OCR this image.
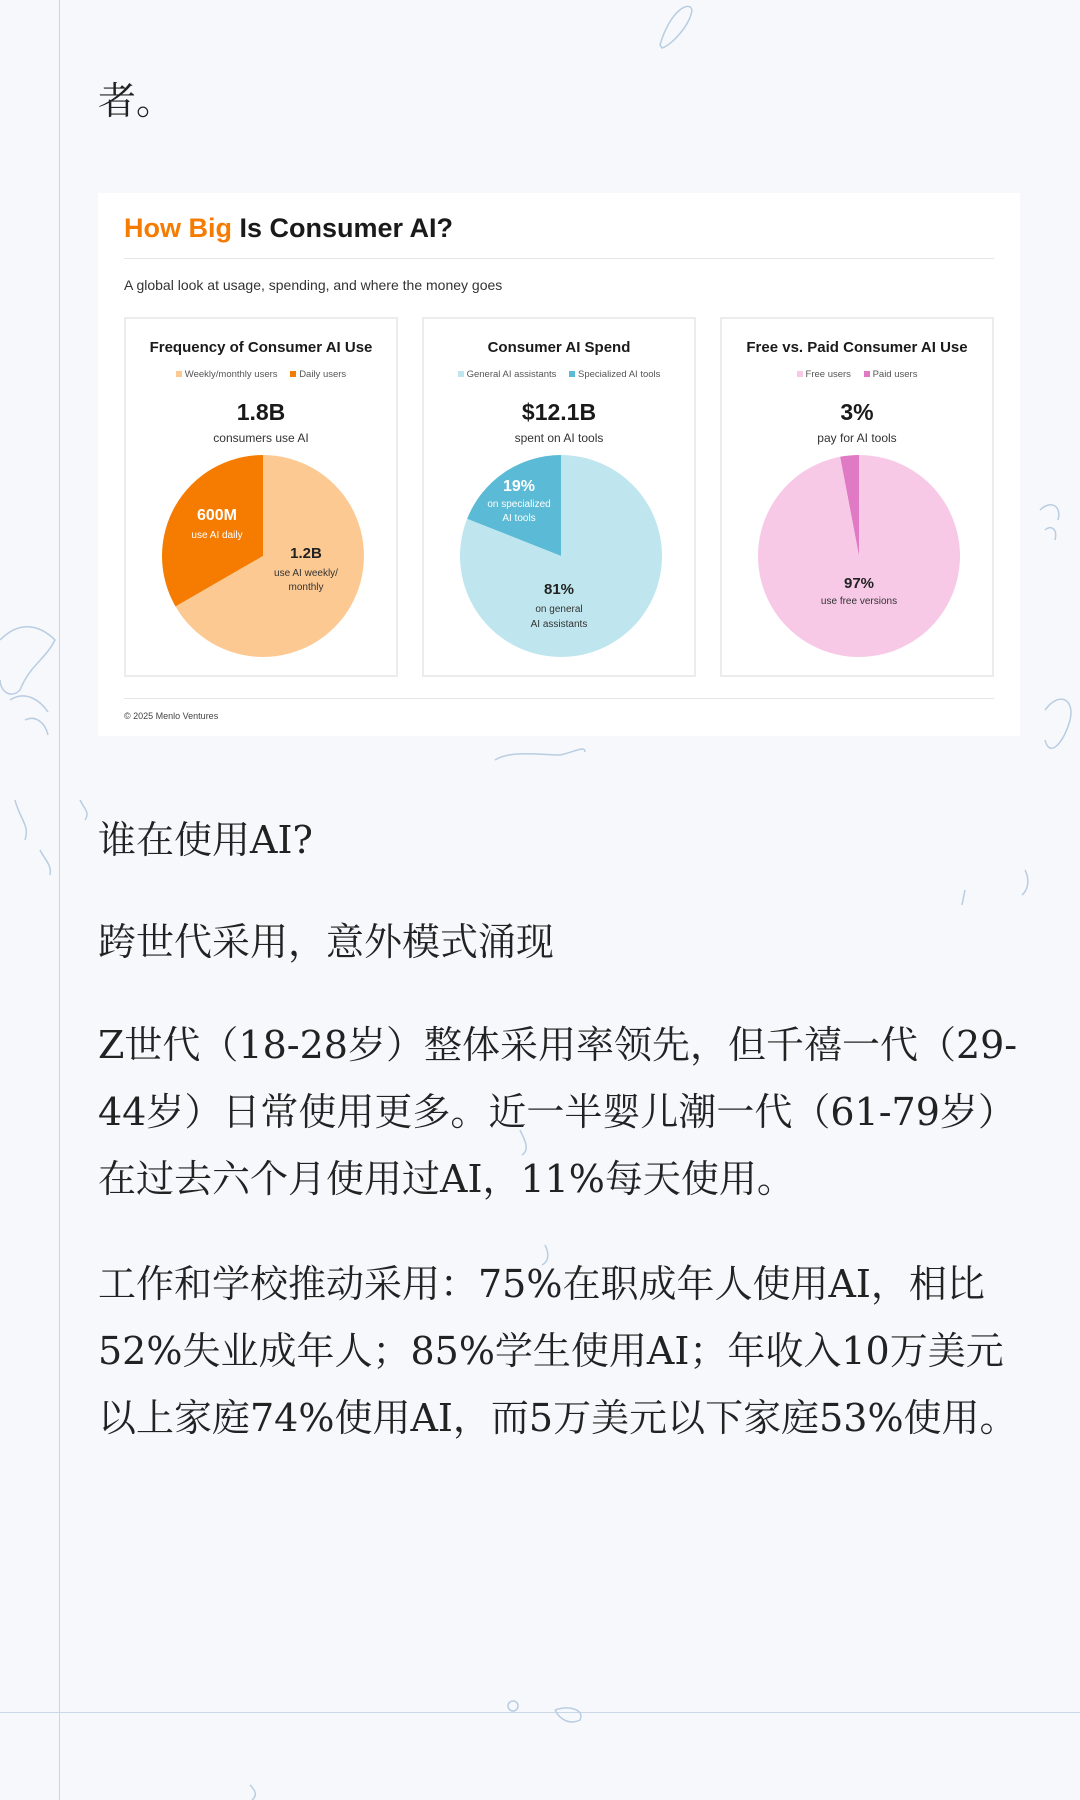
者。
How Big Is Consumer AI?
A global look at usage, spending, and where the money goes
Frequency of Consumer AI Use
Weekly/monthly users Daily users
1.8B
consumers use AI
600M
use AI daily
1.2B
use AI weekly/
monthly
Consumer AI Spend
General AI assistants Specialized AI tools
$12.1B
spent on AI tools
19%
on specialized
AI tools
81%
on general
AI assistants
Free vs. Paid Consumer AI Use
Free users Paid users
3%
pay for AI tools
97%
use free versions
© 2025 Menlo Ventures
谁在使用AI?
跨世代采用，意外模式涌现
Z世代（18-28岁）整体采用率领先，但千禧一代（29-44岁）日常使用更多。近一半婴儿潮一代（61-79岁）在过去六个月使用过AI，11%每天使用。
工作和学校推动采用：75%在职成年人使用AI，相比52%失业成年人；85%学生使用AI；年收入10万美元以上家庭74%使用AI，而5万美元以下家庭53%使用。
